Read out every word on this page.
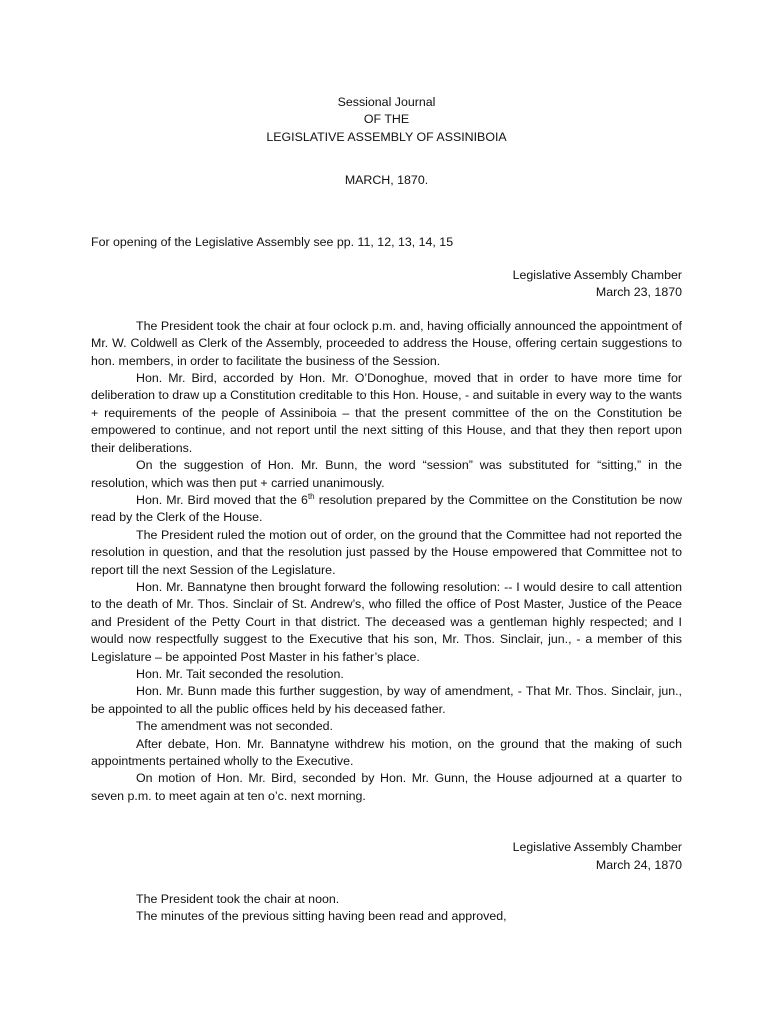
Sessional Journal
OF THE
LEGISLATIVE ASSEMBLY OF ASSINIBOIA
MARCH, 1870.
For opening of the Legislative Assembly see pp. 11, 12, 13, 14, 15
Legislative Assembly Chamber
March 23, 1870

The President took the chair at four oclock p.m. and, having officially announced the appointment of Mr. W. Coldwell as Clerk of the Assembly, proceeded to address the House, offering certain suggestions to hon. members, in order to facilitate the business of the Session.

Hon. Mr. Bird, accorded by Hon. Mr. O’Donoghue, moved that in order to have more time for deliberation to draw up a Constitution creditable to this Hon. House, - and suitable in every way to the wants + requirements of the people of Assiniboia – that the present committee of the on the Constitution be empowered to continue, and not report until the next sitting of this House, and that they then report upon their deliberations.

On the suggestion of Hon. Mr. Bunn, the word “session” was substituted for “sitting,” in the resolution, which was then put + carried unanimously.

Hon. Mr. Bird moved that the 6th resolution prepared by the Committee on the Constitution be now read by the Clerk of the House.

The President ruled the motion out of order, on the ground that the Committee had not reported the resolution in question, and that the resolution just passed by the House empowered that Committee not to report till the next Session of the Legislature.

Hon. Mr. Bannatyne then brought forward the following resolution: -- I would desire to call attention to the death of Mr. Thos. Sinclair of St. Andrew’s, who filled the office of Post Master, Justice of the Peace and President of the Petty Court in that district. The deceased was a gentleman highly respected; and I would now respectfully suggest to the Executive that his son, Mr. Thos. Sinclair, jun., - a member of this Legislature – be appointed Post Master in his father’s place.

Hon. Mr. Tait seconded the resolution.

Hon. Mr. Bunn made this further suggestion, by way of amendment, - That Mr. Thos. Sinclair, jun., be appointed to all the public offices held by his deceased father.

The amendment was not seconded.

After debate, Hon. Mr. Bannatyne withdrew his motion, on the ground that the making of such appointments pertained wholly to the Executive.

On motion of Hon. Mr. Bird, seconded by Hon. Mr. Gunn, the House adjourned at a quarter to seven p.m. to meet again at ten o’c. next morning.

Legislative Assembly Chamber
March 24, 1870

The President took the chair at noon.

The minutes of the previous sitting having been read and approved,
